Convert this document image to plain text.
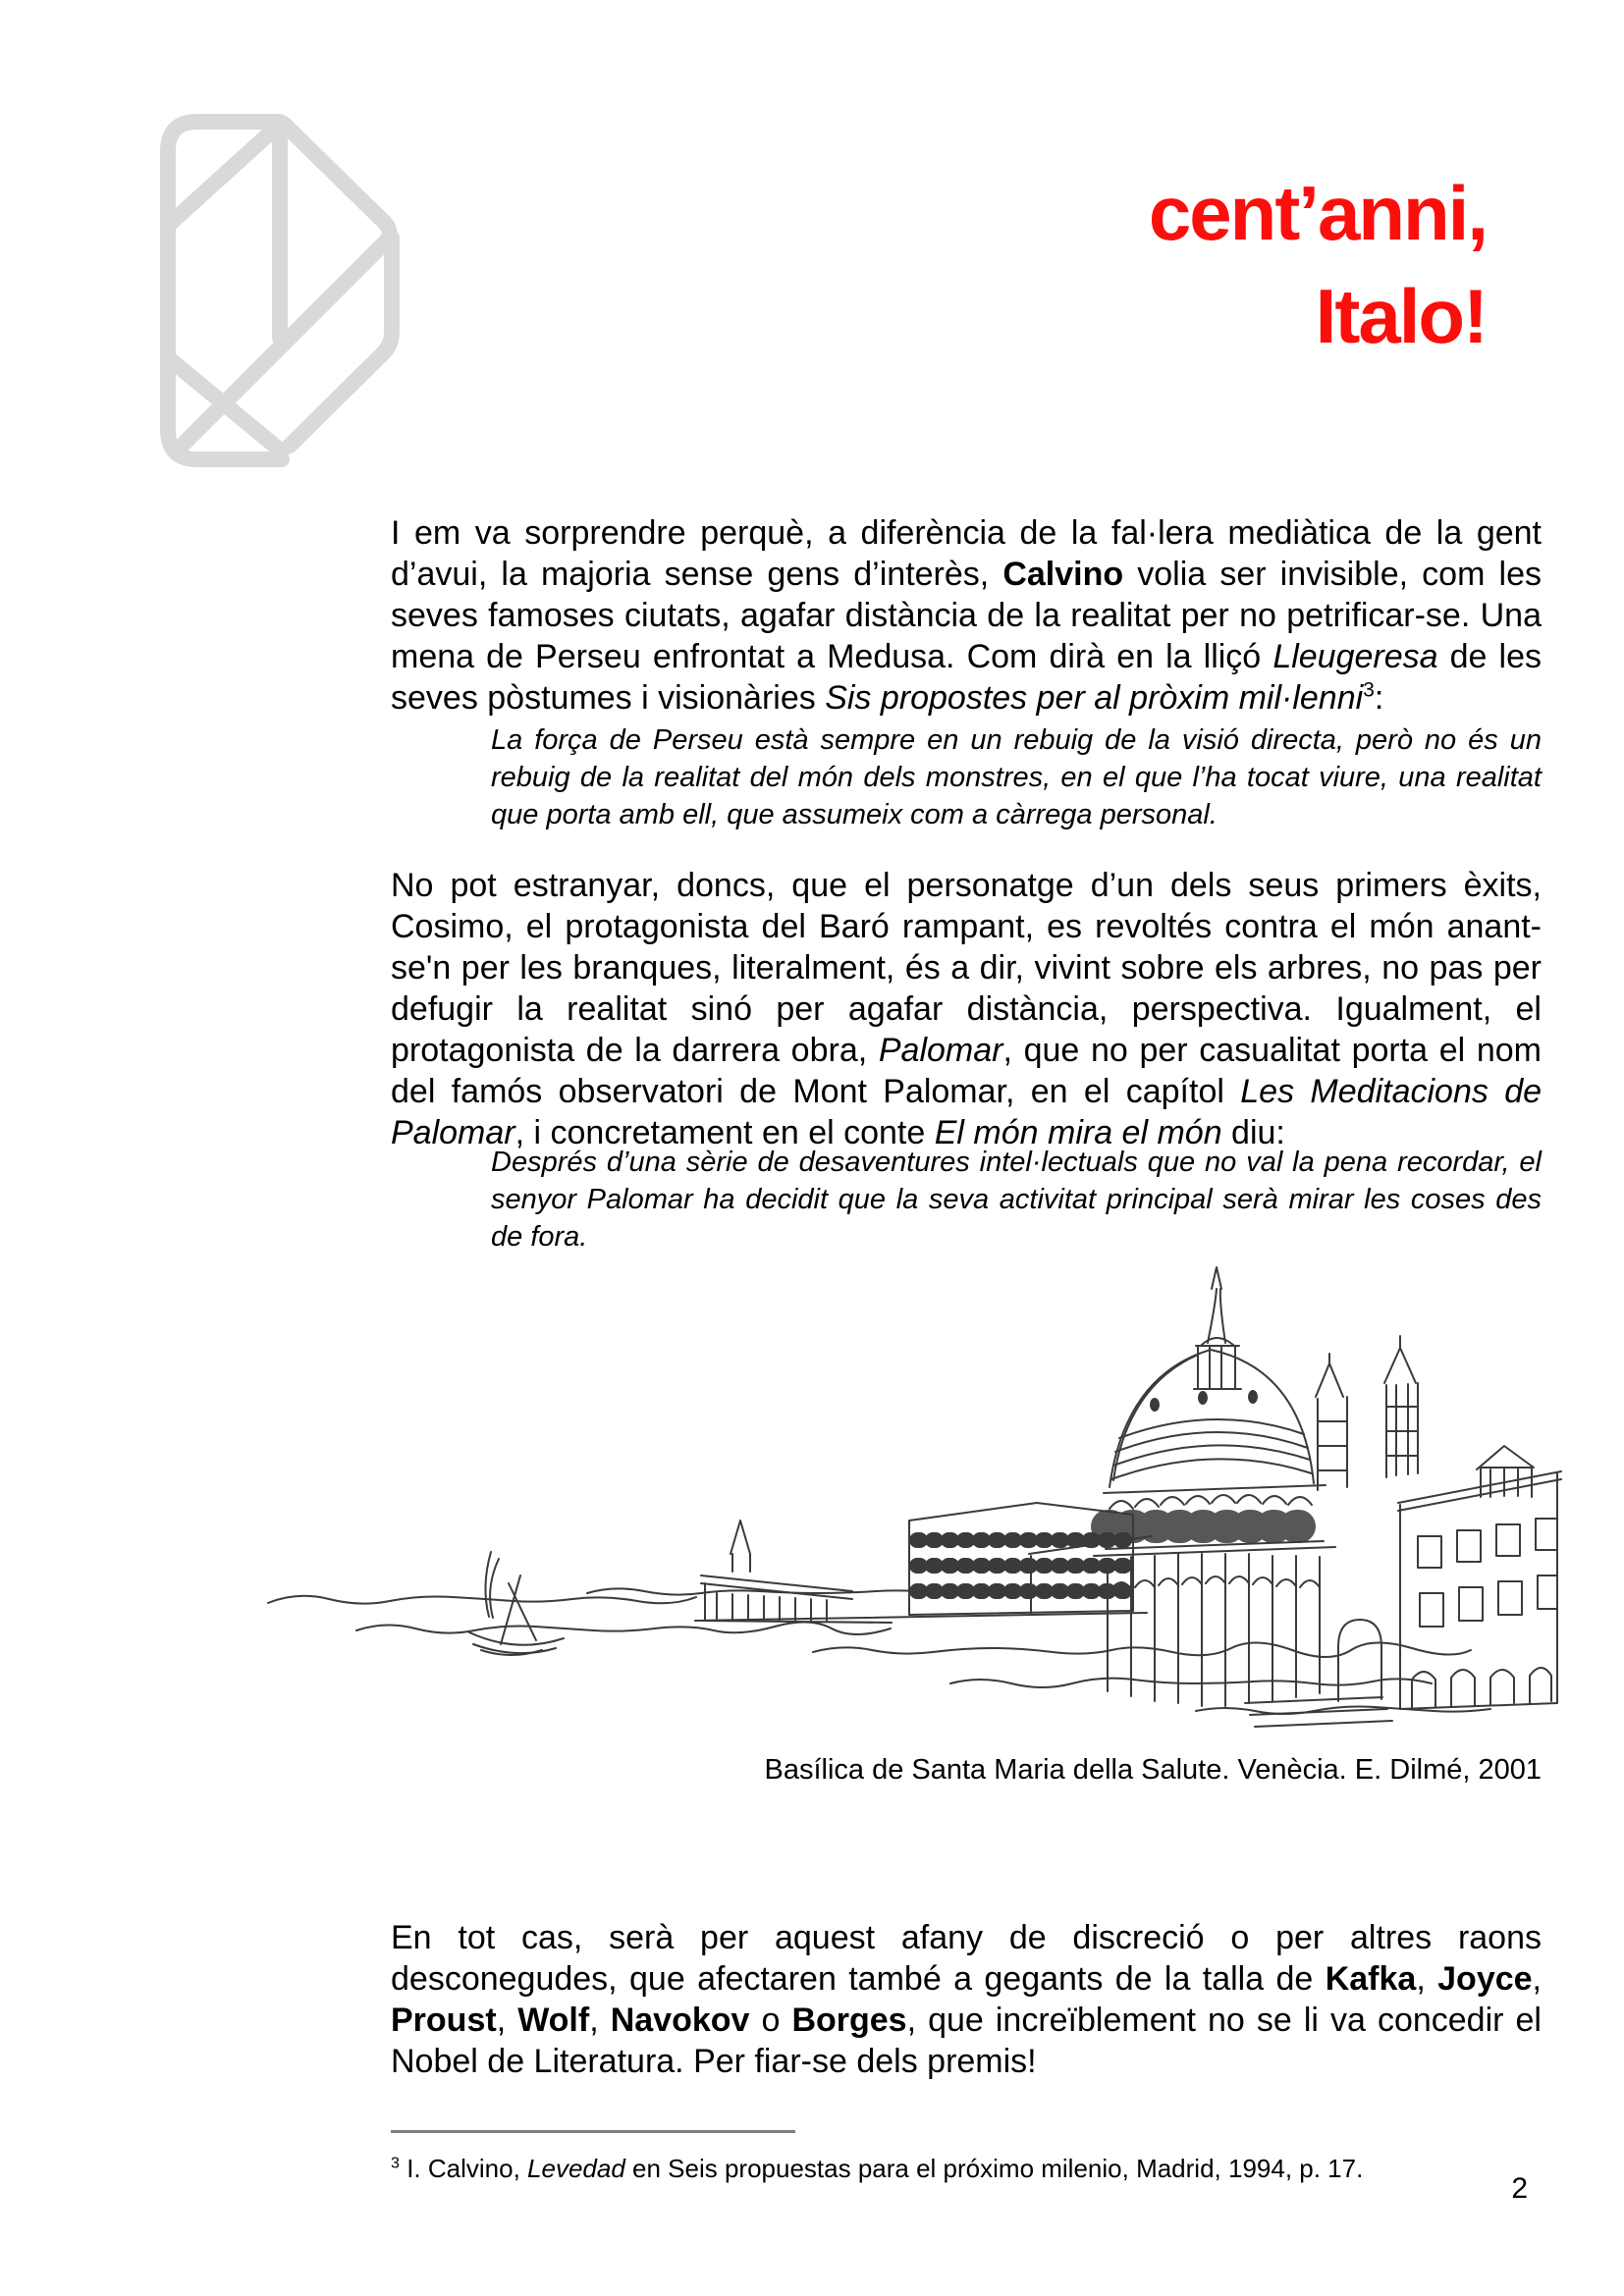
cent’anni,
Italo!

I em va sorprendre perquè, a diferència de la fal·lera mediàtica de la gent d’avui, la majoria sense gens d’interès, Calvino volia ser invisible, com les seves famoses ciutats, agafar distància de la realitat per no petrificar-se. Una mena de Perseu enfrontat a Medusa. Com dirà en la lliçó Lleugeresa de les seves pòstumes i visionàries Sis propostes per al pròxim mil·lenni$^3$:

La força de Perseu està sempre en un rebuig de la visió directa, però no és un rebuig de la realitat del món dels monstres, en el que l’ha tocat viure, una realitat que porta amb ell, que assumeix com a càrrega personal.

No pot estranyar, doncs, que el personatge d’un dels seus primers èxits, Cosimo, el protagonista del Baró rampant, es revoltés contra el món anant-se'n per les branques, literalment, és a dir, vivint sobre els arbres, no pas per defugir la realitat sinó per agafar distància, perspectiva. Igualment, el protagonista de la darrera obra, Palomar, que no per casualitat porta el nom del famós observatori de Mont Palomar, en el capítol Les Meditacions de Palomar, i concretament en el conte El món mira el món diu:

Després d’una sèrie de desaventures intel·lectuals que no val la pena recordar, el senyor Palomar ha decidit que la seva activitat principal serà mirar les coses des de fora.

Basílica de Santa Maria della Salute. Venècia. E. Dilmé, 2001

En tot cas, serà per aquest afany de discreció o per altres raons desconegudes, que afectaren també a gegants de la talla de Kafka, Joyce, Proust, Wolf, Navokov o Borges, que increïblement no se li va concedir el Nobel de Literatura. Per fiar-se dels premis!

$^3$ I. Calvino, Levedad en Seis propuestas para el próximo milenio, Madrid, 1994, p. 17.
2
